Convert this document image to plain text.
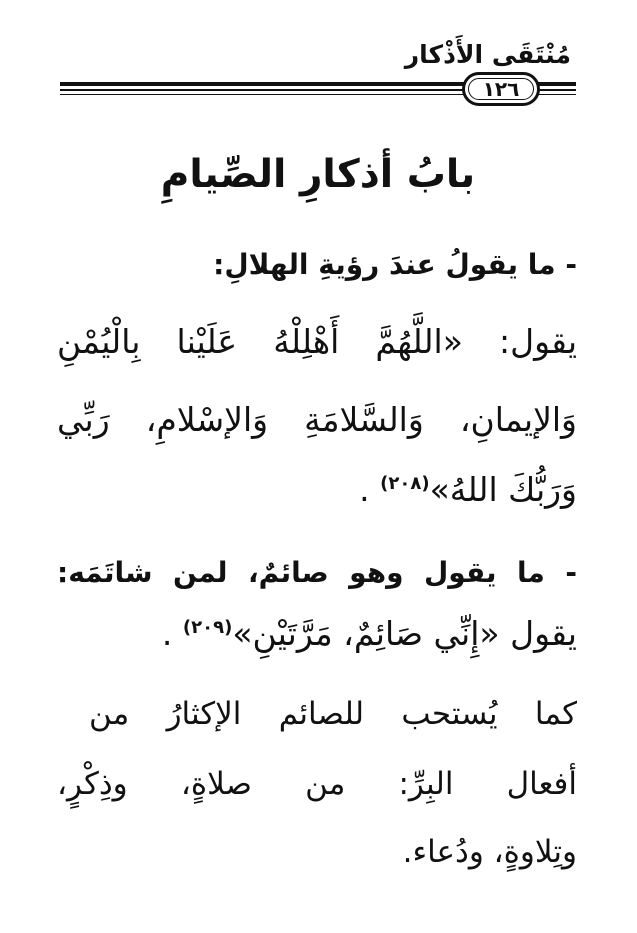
مُنْتَقَى الأَذْكار
١٢٦
بابُ أذكارِ الصِّيامِ
- ما يقولُ عندَ رؤيةِ الهلالِ:
يقول: «اللَّهُمَّ أَهْلِلْهُ عَلَيْنا بِالْيُمْنِ
وَالإيمانِ، وَالسَّلامَةِ وَالإسْلامِ، رَبِّي
وَرَبُّكَ اللهُ»$^{(٢٠٨)}$ .
- ما يقول وهو صائمٌ، لمن شاتَمَه:
يقول «إِنِّي صَائِمٌ، مَرَّتَيْنِ»$^{(٢٠٩)}$ .
كما يُستحب للصائم الإكثارُ من
أفعال البِرِّ: من صلاةٍ، وذِكْرٍ،
وتِلاوةٍ، ودُعاء.
